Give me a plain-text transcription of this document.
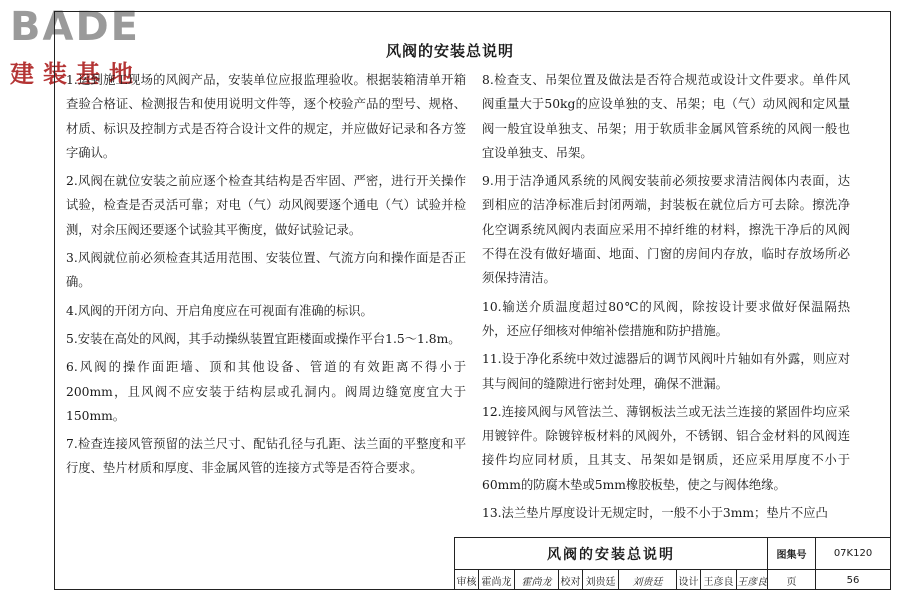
BADE
建装基地
风阀的安装总说明

1.运到施工现场的风阀产品，安装单位应报监理验收。根据装箱清单开箱查验合格证、检测报告和使用说明文件等，逐个校验产品的型号、规格、材质、标识及控制方式是否符合设计文件的规定，并应做好记录和各方签字确认。

2.风阀在就位安装之前应逐个检查其结构是否牢固、严密，进行开关操作试验，检查是否灵活可靠；对电（气）动风阀要逐个通电（气）试验并检测，对余压阀还要逐个试验其平衡度，做好试验记录。

3.风阀就位前必须检查其适用范围、安装位置、气流方向和操作面是否正确。

4.风阀的开闭方向、开启角度应在可视面有准确的标识。

5.安装在高处的风阀，其手动操纵装置宜距楼面或操作平台1.5～1.8m。

6.风阀的操作面距墙、顶和其他设备、管道的有效距离不得小于200mm，且风阀不应安装于结构层或孔洞内。阀周边缝宽度宜大于150mm。

7.检查连接风管预留的法兰尺寸、配钻孔径与孔距、法兰面的平整度和平行度、垫片材质和厚度、非金属风管的连接方式等是否符合要求。

8.检查支、吊架位置及做法是否符合规范或设计文件要求。单件风阀重量大于50kg的应设单独的支、吊架；电（气）动风阀和定风量阀一般宜设单独支、吊架；用于软质非金属风管系统的风阀一般也宜设单独支、吊架。

9.用于洁净通风系统的风阀安装前必须按要求清洁阀体内表面，达到相应的洁净标准后封闭两端，封装板在就位后方可去除。擦洗净化空调系统风阀内表面应采用不掉纤维的材料，擦洗干净后的风阀不得在没有做好墙面、地面、门窗的房间内存放，临时存放场所必须保持清洁。

10.输送介质温度超过80℃的风阀，除按设计要求做好保温隔热外，还应仔细核对伸缩补偿措施和防护措施。

11.设于净化系统中效过滤器后的调节风阀叶片轴如有外露，则应对其与阀间的缝隙进行密封处理，确保不泄漏。

12.连接风阀与风管法兰、薄钢板法兰或无法兰连接的紧固件均应采用镀锌件。除镀锌板材料的风阀外，不锈钢、铝合金材料的风阀连接件均应同材质，且其支、吊架如是钢质，还应采用厚度不小于60mm的防腐木垫或5mm橡胶板垫，使之与阀体绝缘。

13.法兰垫片厚度设计无规定时，一般不小于3mm；垫片不应凸

风阀的安装总说明	图集号	07K120
审核 霍尚龙	霍尚龙 校对 刘贵廷	刘贵廷	设计 王彦良 王彦良	页	56
